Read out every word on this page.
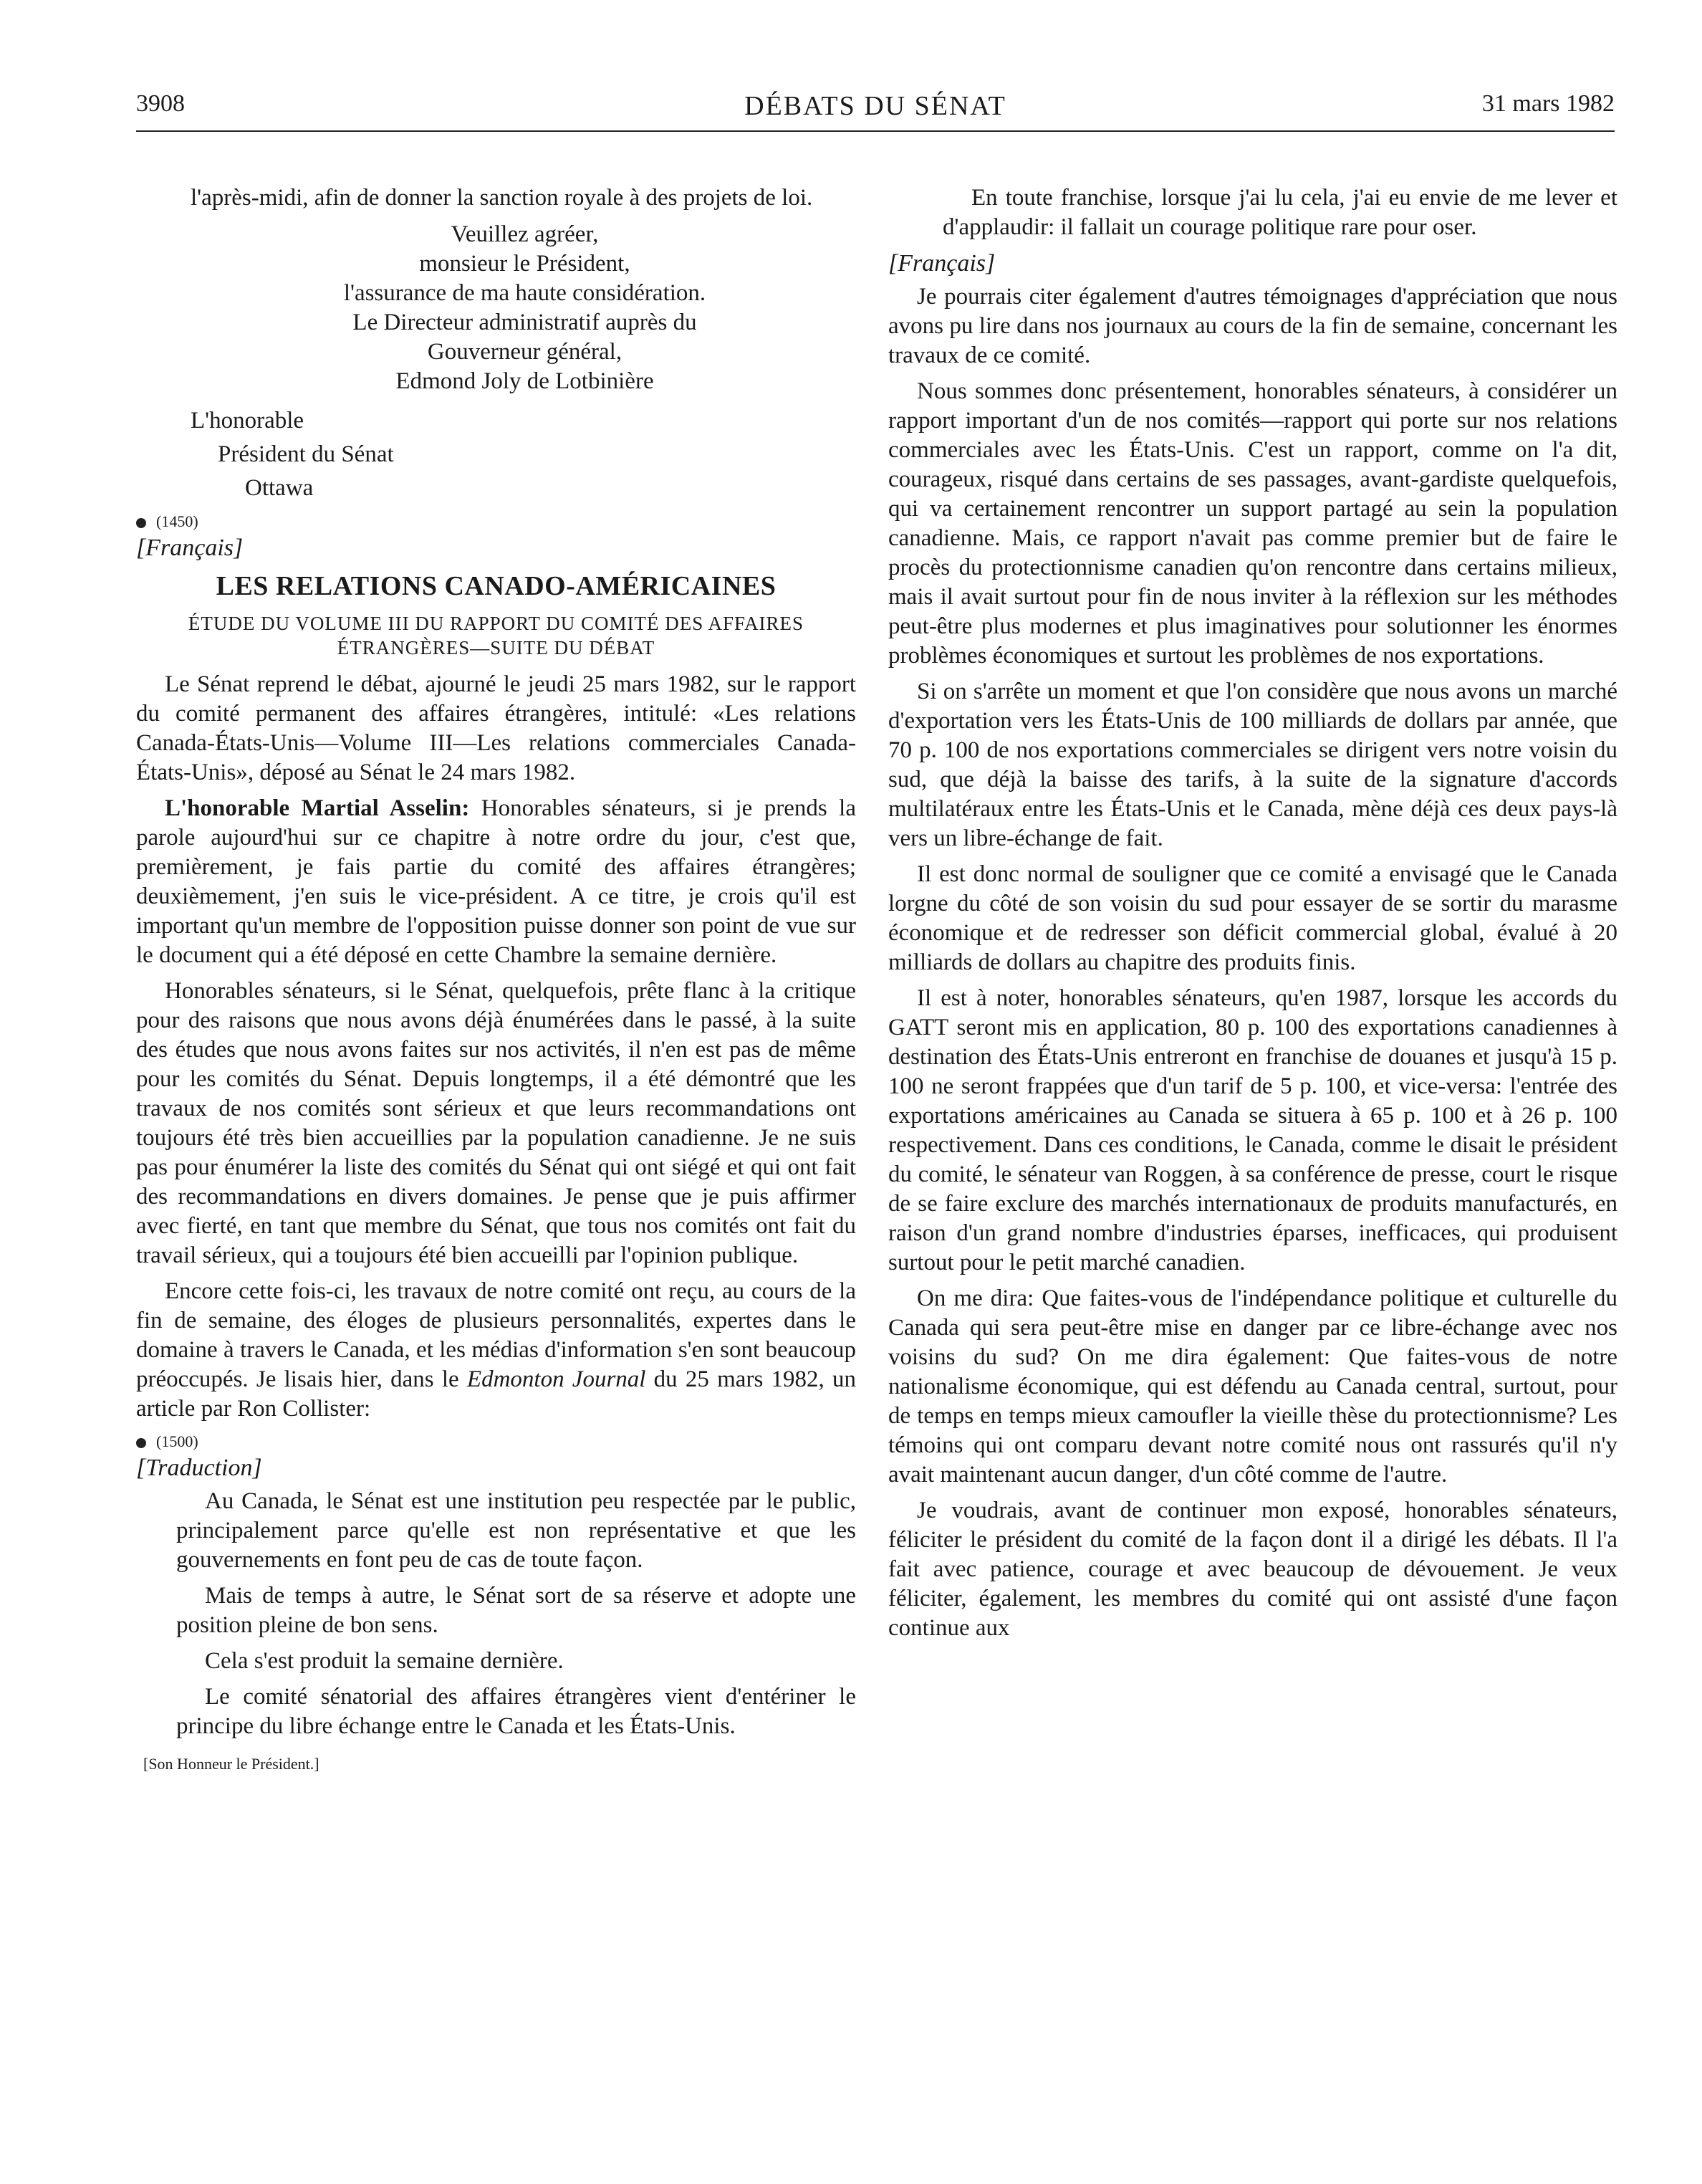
3908	DÉBATS DU SÉNAT	31 mars 1982

l'après-midi, afin de donner la sanction royale à des projets de loi.

Veuillez agréer,

monsieur le Président,

l'assurance de ma haute considération.

Le Directeur administratif auprès du

Gouverneur général,

Edmond Joly de Lotbinière

L'honorable

Président du Sénat

Ottawa

(1450)

[Français]

LES RELATIONS CANADO-AMÉRICAINES
ÉTUDE DU VOLUME III DU RAPPORT DU COMITÉ DES AFFAIRES ÉTRANGÈRES—SUITE DU DÉBAT

Le Sénat reprend le débat, ajourné le jeudi 25 mars 1982, sur le rapport du comité permanent des affaires étrangères, intitulé: «Les relations Canada-États-Unis—Volume III—Les relations commerciales Canada-États-Unis», déposé au Sénat le 24 mars 1982.

L'honorable Martial Asselin: Honorables sénateurs, si je prends la parole aujourd'hui sur ce chapitre à notre ordre du jour, c'est que, premièrement, je fais partie du comité des affaires étrangères; deuxièmement, j'en suis le vice-président. A ce titre, je crois qu'il est important qu'un membre de l'opposition puisse donner son point de vue sur le document qui a été déposé en cette Chambre la semaine dernière.

Honorables sénateurs, si le Sénat, quelquefois, prête flanc à la critique pour des raisons que nous avons déjà énumérées dans le passé, à la suite des études que nous avons faites sur nos activités, il n'en est pas de même pour les comités du Sénat. Depuis longtemps, il a été démontré que les travaux de nos comités sont sérieux et que leurs recommandations ont toujours été très bien accueillies par la population canadienne. Je ne suis pas pour énumérer la liste des comités du Sénat qui ont siégé et qui ont fait des recommandations en divers domaines. Je pense que je puis affirmer avec fierté, en tant que membre du Sénat, que tous nos comités ont fait du travail sérieux, qui a toujours été bien accueilli par l'opinion publique.

Encore cette fois-ci, les travaux de notre comité ont reçu, au cours de la fin de semaine, des éloges de plusieurs personnalités, expertes dans le domaine à travers le Canada, et les médias d'information s'en sont beaucoup préoccupés. Je lisais hier, dans le Edmonton Journal du 25 mars 1982, un article par Ron Collister:

(1500)

[Traduction]

Au Canada, le Sénat est une institution peu respectée par le public, principalement parce qu'elle est non représentative et que les gouvernements en font peu de cas de toute façon.

Mais de temps à autre, le Sénat sort de sa réserve et adopte une position pleine de bon sens.

Cela s'est produit la semaine dernière.

Le comité sénatorial des affaires étrangères vient d'entériner le principe du libre échange entre le Canada et les États-Unis.

[Son Honneur le Président.]

En toute franchise, lorsque j'ai lu cela, j'ai eu envie de me lever et d'applaudir: il fallait un courage politique rare pour oser.

[Français]

Je pourrais citer également d'autres témoignages d'appréciation que nous avons pu lire dans nos journaux au cours de la fin de semaine, concernant les travaux de ce comité.

Nous sommes donc présentement, honorables sénateurs, à considérer un rapport important d'un de nos comités—rapport qui porte sur nos relations commerciales avec les États-Unis. C'est un rapport, comme on l'a dit, courageux, risqué dans certains de ses passages, avant-gardiste quelquefois, qui va certainement rencontrer un support partagé au sein la population canadienne. Mais, ce rapport n'avait pas comme premier but de faire le procès du protectionnisme canadien qu'on rencontre dans certains milieux, mais il avait surtout pour fin de nous inviter à la réflexion sur les méthodes peut-être plus modernes et plus imaginatives pour solutionner les énormes problèmes économiques et surtout les problèmes de nos exportations.

Si on s'arrête un moment et que l'on considère que nous avons un marché d'exportation vers les États-Unis de 100 milliards de dollars par année, que 70 p. 100 de nos exportations commerciales se dirigent vers notre voisin du sud, que déjà la baisse des tarifs, à la suite de la signature d'accords multilatéraux entre les États-Unis et le Canada, mène déjà ces deux pays-là vers un libre-échange de fait.

Il est donc normal de souligner que ce comité a envisagé que le Canada lorgne du côté de son voisin du sud pour essayer de se sortir du marasme économique et de redresser son déficit commercial global, évalué à 20 milliards de dollars au chapitre des produits finis.

Il est à noter, honorables sénateurs, qu'en 1987, lorsque les accords du GATT seront mis en application, 80 p. 100 des exportations canadiennes à destination des États-Unis entreront en franchise de douanes et jusqu'à 15 p. 100 ne seront frappées que d'un tarif de 5 p. 100, et vice-versa: l'entrée des exportations américaines au Canada se situera à 65 p. 100 et à 26 p. 100 respectivement. Dans ces conditions, le Canada, comme le disait le président du comité, le sénateur van Roggen, à sa conférence de presse, court le risque de se faire exclure des marchés internationaux de produits manufacturés, en raison d'un grand nombre d'industries éparses, inefficaces, qui produisent surtout pour le petit marché canadien.

On me dira: Que faites-vous de l'indépendance politique et culturelle du Canada qui sera peut-être mise en danger par ce libre-échange avec nos voisins du sud? On me dira également: Que faites-vous de notre nationalisme économique, qui est défendu au Canada central, surtout, pour de temps en temps mieux camoufler la vieille thèse du protectionnisme? Les témoins qui ont comparu devant notre comité nous ont rassurés qu'il n'y avait maintenant aucun danger, d'un côté comme de l'autre.

Je voudrais, avant de continuer mon exposé, honorables sénateurs, féliciter le président du comité de la façon dont il a dirigé les débats. Il l'a fait avec patience, courage et avec beaucoup de dévouement. Je veux féliciter, également, les membres du comité qui ont assisté d'une façon continue aux
